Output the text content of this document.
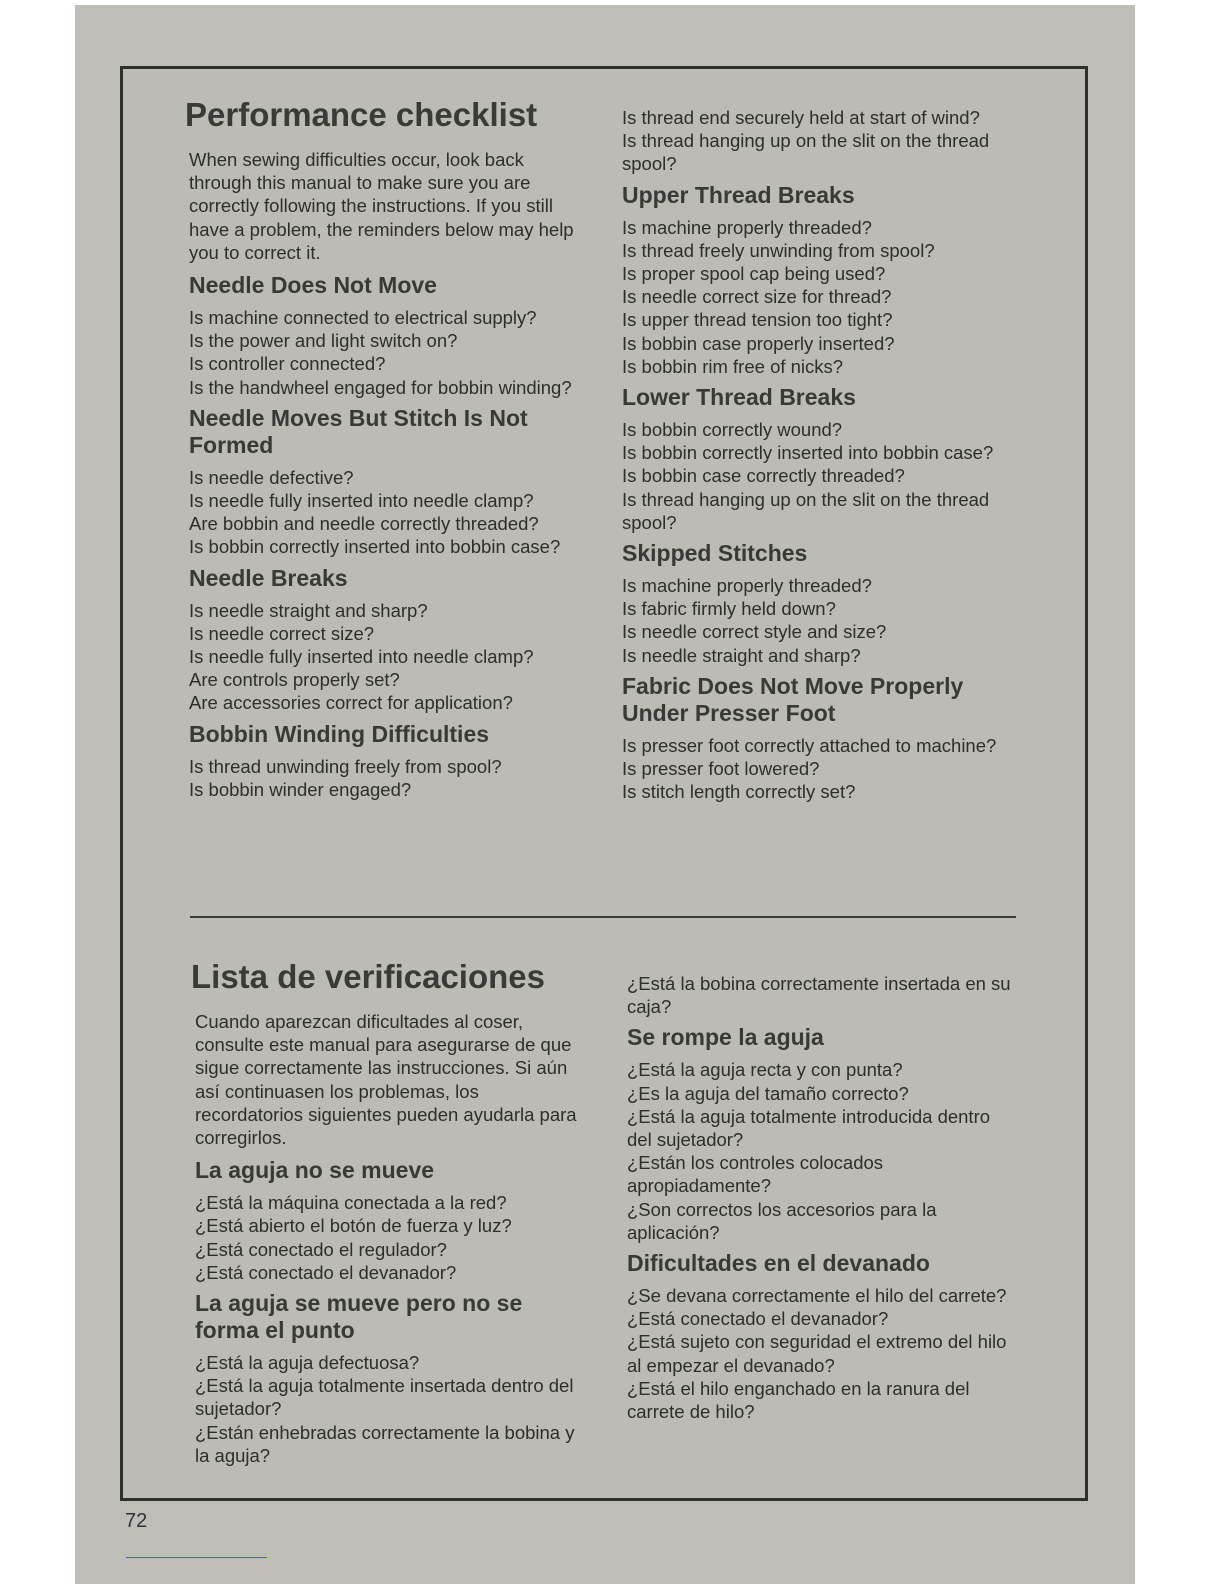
Performance checklist
When sewing difficulties occur, look back through this manual to make sure you are correctly following the instructions. If you still have a problem, the reminders below may help you to correct it.
Needle Does Not Move
Is machine connected to electrical supply?
Is the power and light switch on?
Is controller connected?
Is the handwheel engaged for bobbin winding?
Needle Moves But Stitch Is Not Formed
Is needle defective?
Is needle fully inserted into needle clamp?
Are bobbin and needle correctly threaded?
Is bobbin correctly inserted into bobbin case?
Needle Breaks
Is needle straight and sharp?
Is needle correct size?
Is needle fully inserted into needle clamp?
Are controls properly set?
Are accessories correct for application?
Bobbin Winding Difficulties
Is thread unwinding freely from spool?
Is bobbin winder engaged?
Is thread end securely held at start of wind?
Is thread hanging up on the slit on the thread spool?
Upper Thread Breaks
Is machine properly threaded?
Is thread freely unwinding from spool?
Is proper spool cap being used?
Is needle correct size for thread?
Is upper thread tension too tight?
Is bobbin case properly inserted?
Is bobbin rim free of nicks?
Lower Thread Breaks
Is bobbin correctly wound?
Is bobbin correctly inserted into bobbin case?
Is bobbin case correctly threaded?
Is thread hanging up on the slit on the thread spool?
Skipped Stitches
Is machine properly threaded?
Is fabric firmly held down?
Is needle correct style and size?
Is needle straight and sharp?
Fabric Does Not Move Properly Under Presser Foot
Is presser foot correctly attached to machine?
Is presser foot lowered?
Is stitch length correctly set?
Lista de verificaciones
Cuando aparezcan dificultades al coser, consulte este manual para asegurarse de que sigue correctamente las instrucciones. Si aún así continuasen los problemas, los recordatorios siguientes pueden ayudarla para corregirlos.
La aguja no se mueve
¿Está la máquina conectada a la red?
¿Está abierto el botón de fuerza y luz?
¿Está conectado el regulador?
¿Está conectado el devanador?
La aguja se mueve pero no se forma el punto
¿Está la aguja defectuosa?
¿Está la aguja totalmente insertada dentro del sujetador?
¿Están enhebradas correctamente la bobina y la aguja?
¿Está la bobina correctamente insertada en su caja?
Se rompe la aguja
¿Está la aguja recta y con punta?
¿Es la aguja del tamaño correcto?
¿Está la aguja totalmente introducida dentro del sujetador?
¿Están los controles colocados apropiadamente?
¿Son correctos los accesorios para la aplicación?
Dificultades en el devanado
¿Se devana correctamente el hilo del carrete?
¿Está conectado el devanador?
¿Está sujeto con seguridad el extremo del hilo al empezar el devanado?
¿Está el hilo enganchado en la ranura del carrete de hilo?
72
